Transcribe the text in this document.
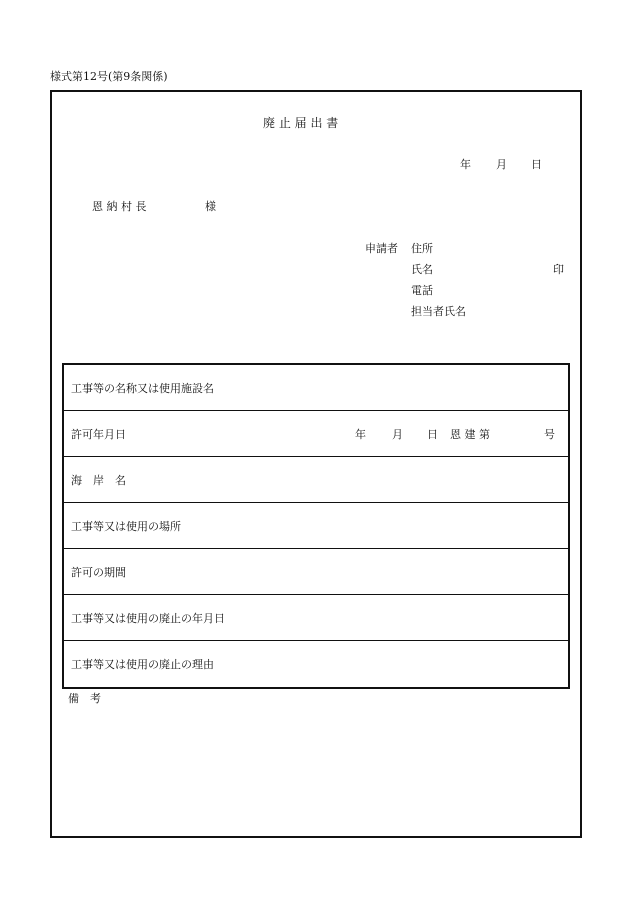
様式第12号(第9条関係)
廃 止 届 出 書
年 月 日
恩 納 村 長	様
申請者 住所
氏名	印
電話
担当者氏名
工事等の名称又は使用施設名
許可年月日	年 月 日 恩 建 第	号
海　岸　名
工事等又は使用の場所
許可の期間
工事等又は使用の廃止の年月日
工事等又は使用の廃止の理由
備　考
